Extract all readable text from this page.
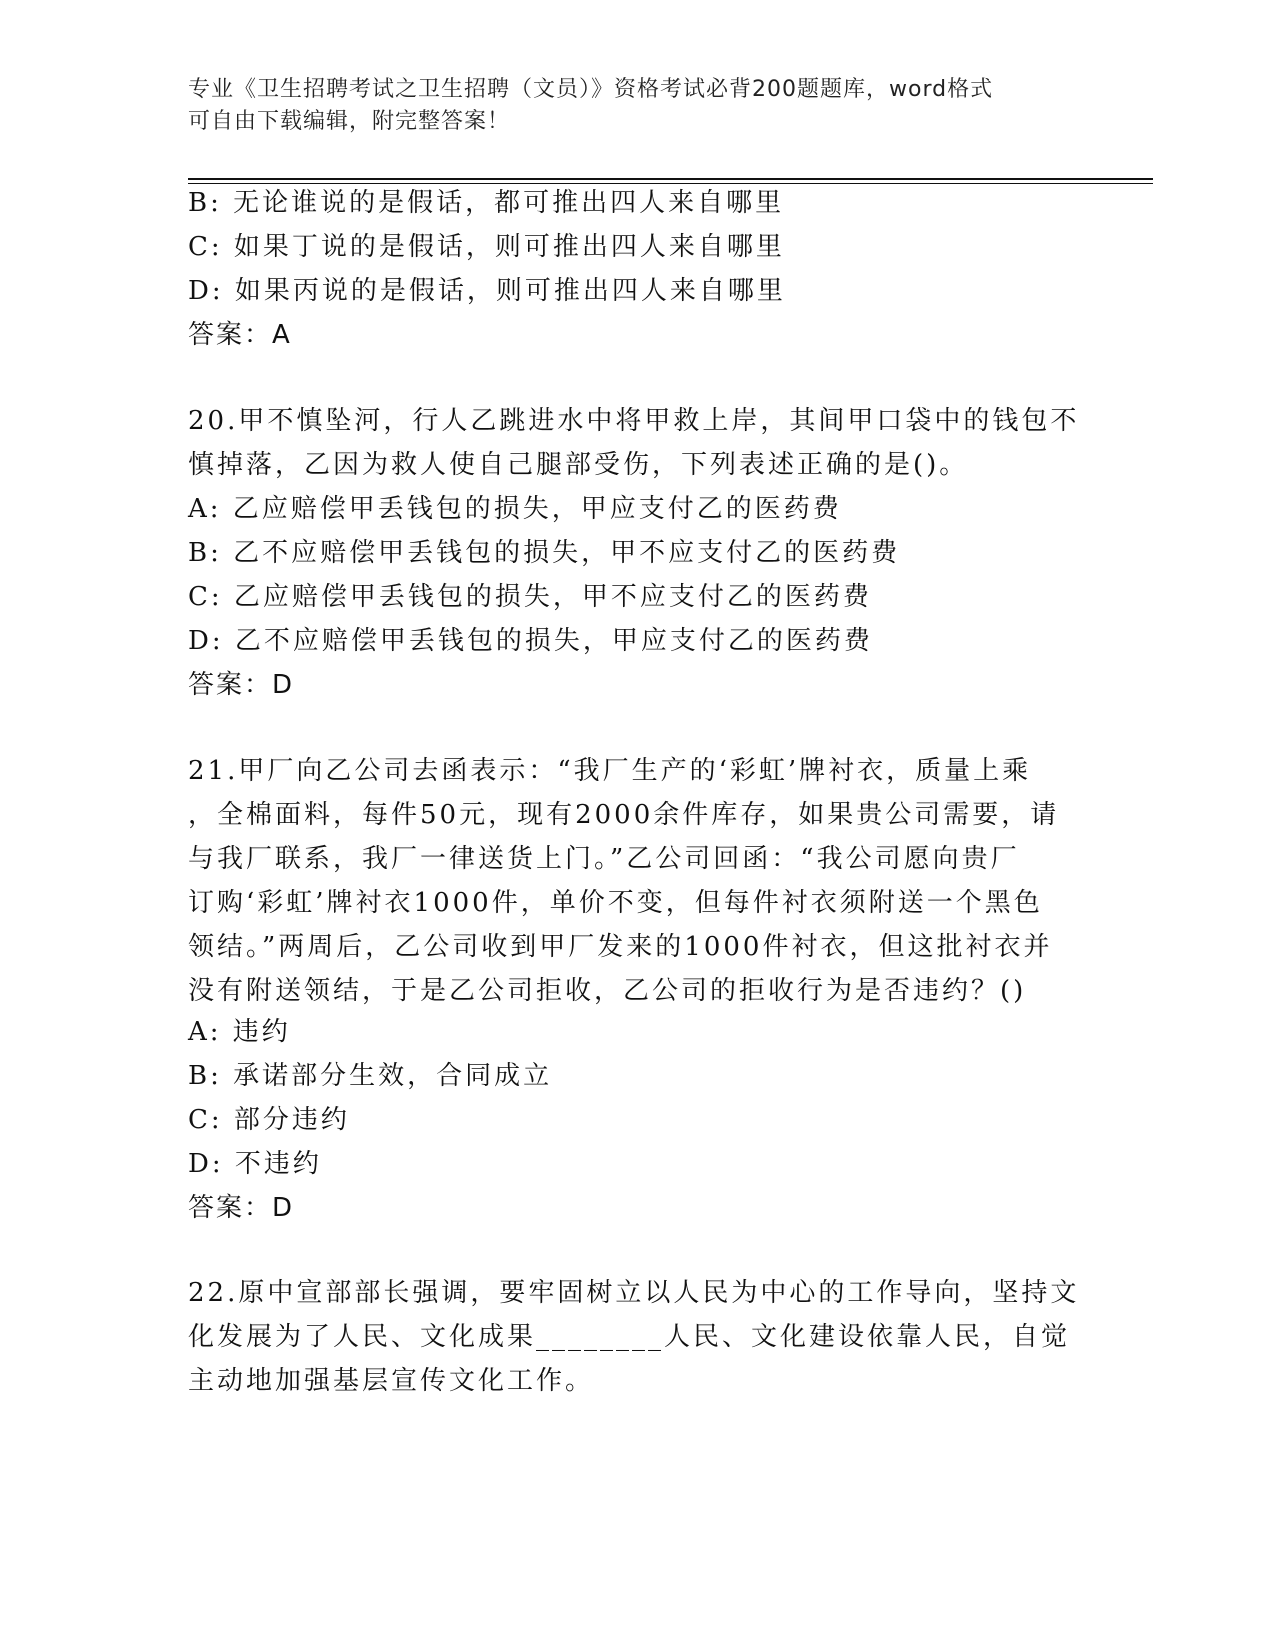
专业《卫生招聘考试之卫生招聘（文员）》资格考试必背200题题库，word格式
可自由下载编辑，附完整答案！
B: 无论谁说的是假话，都可推出四人来自哪里
C: 如果丁说的是假话，则可推出四人来自哪里
D: 如果丙说的是假话，则可推出四人来自哪里
答案：A
20.甲不慎坠河，行人乙跳进水中将甲救上岸，其间甲口袋中的钱包不
慎掉落，乙因为救人使自己腿部受伤，下列表述正确的是()。
A: 乙应赔偿甲丢钱包的损失，甲应支付乙的医药费
B: 乙不应赔偿甲丢钱包的损失，甲不应支付乙的医药费
C: 乙应赔偿甲丢钱包的损失，甲不应支付乙的医药费
D: 乙不应赔偿甲丢钱包的损失，甲应支付乙的医药费
答案：D
21.甲厂向乙公司去函表示：“我厂生产的‘彩虹’牌衬衣，质量上乘
，全棉面料，每件50元，现有2000余件库存，如果贵公司需要，请
与我厂联系，我厂一律送货上门。”乙公司回函：“我公司愿向贵厂
订购‘彩虹’牌衬衣1000件，单价不变，但每件衬衣须附送一个黑色
领结。”两周后，乙公司收到甲厂发来的1000件衬衣，但这批衬衣并
没有附送领结，于是乙公司拒收，乙公司的拒收行为是否违约？()
A: 违约
B: 承诺部分生效，合同成立
C: 部分违约
D: 不违约
答案：D
22.原中宣部部长强调，要牢固树立以人民为中心的工作导向，坚持文
化发展为了人民、文化成果________人民、文化建设依靠人民，自觉
主动地加强基层宣传文化工作。
